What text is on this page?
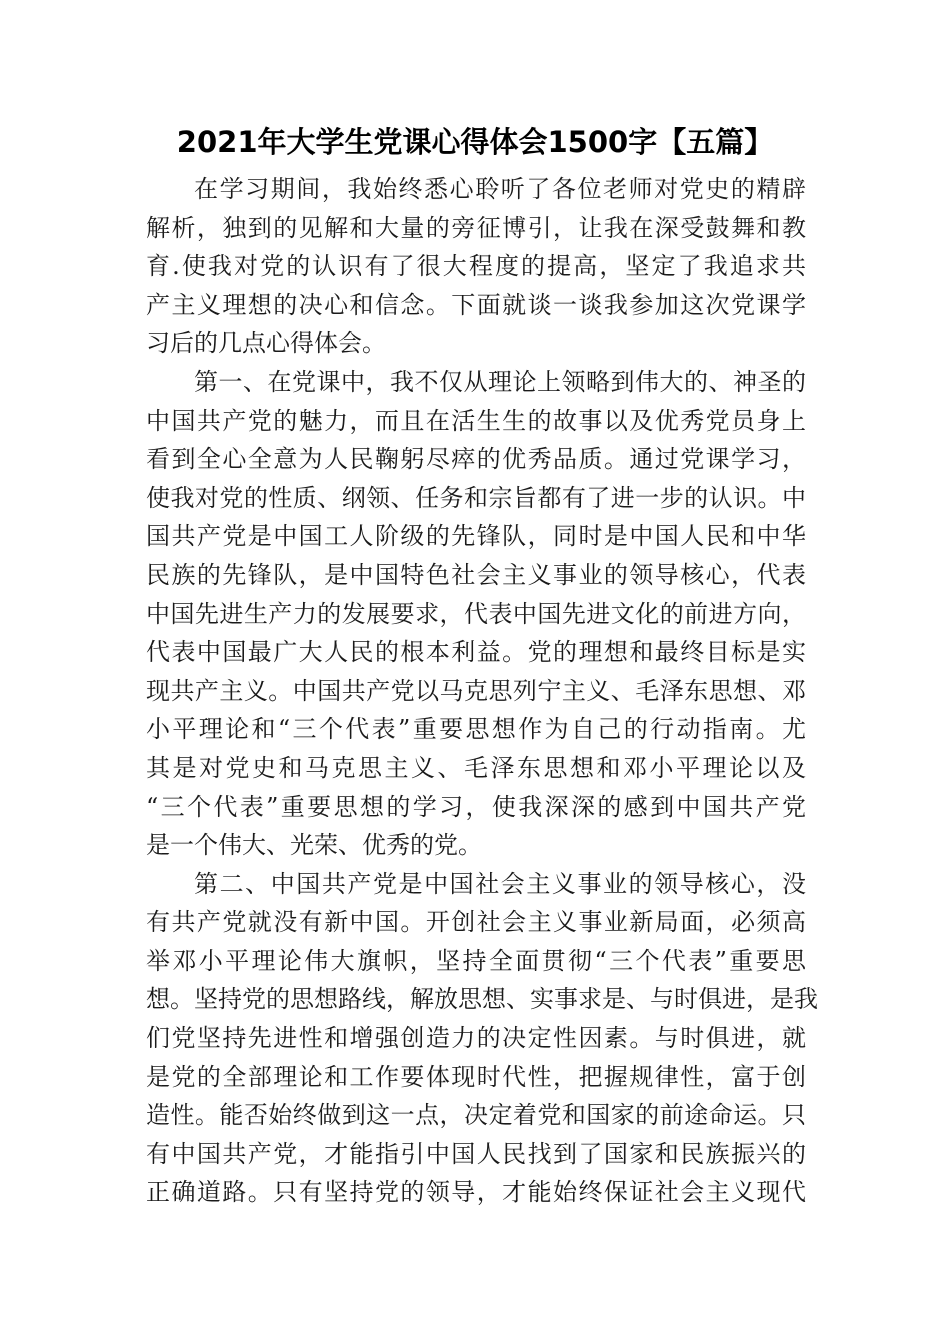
2021年大学生党课心得体会1500字【五篇】
在学习期间，我始终悉心聆听了各位老师对党史的精辟
解析，独到的见解和大量的旁征博引，让我在深受鼓舞和教
育.使我对党的认识有了很大程度的提高，坚定了我追求共
产主义理想的决心和信念。下面就谈一谈我参加这次党课学
习后的几点心得体会。
第一、在党课中，我不仅从理论上领略到伟大的、神圣的
中国共产党的魅力，而且在活生生的故事以及优秀党员身上
看到全心全意为人民鞠躬尽瘁的优秀品质。通过党课学习，
使我对党的性质、纲领、任务和宗旨都有了进一步的认识。中
国共产党是中国工人阶级的先锋队，同时是中国人民和中华
民族的先锋队，是中国特色社会主义事业的领导核心，代表
中国先进生产力的发展要求，代表中国先进文化的前进方向，
代表中国最广大人民的根本利益。党的理想和最终目标是实
现共产主义。中国共产党以马克思列宁主义、毛泽东思想、邓
小平理论和“三个代表”重要思想作为自己的行动指南。尤
其是对党史和马克思主义、毛泽东思想和邓小平理论以及
“三个代表”重要思想的学习，使我深深的感到中国共产党
是一个伟大、光荣、优秀的党。
第二、中国共产党是中国社会主义事业的领导核心，没
有共产党就没有新中国。开创社会主义事业新局面，必须高
举邓小平理论伟大旗帜，坚持全面贯彻“三个代表”重要思
想。坚持党的思想路线，解放思想、实事求是、与时俱进，是我
们党坚持先进性和增强创造力的决定性因素。与时俱进，就
是党的全部理论和工作要体现时代性，把握规律性，富于创
造性。能否始终做到这一点，决定着党和国家的前途命运。只
有中国共产党，才能指引中国人民找到了国家和民族振兴的
正确道路。只有坚持党的领导，才能始终保证社会主义现代
